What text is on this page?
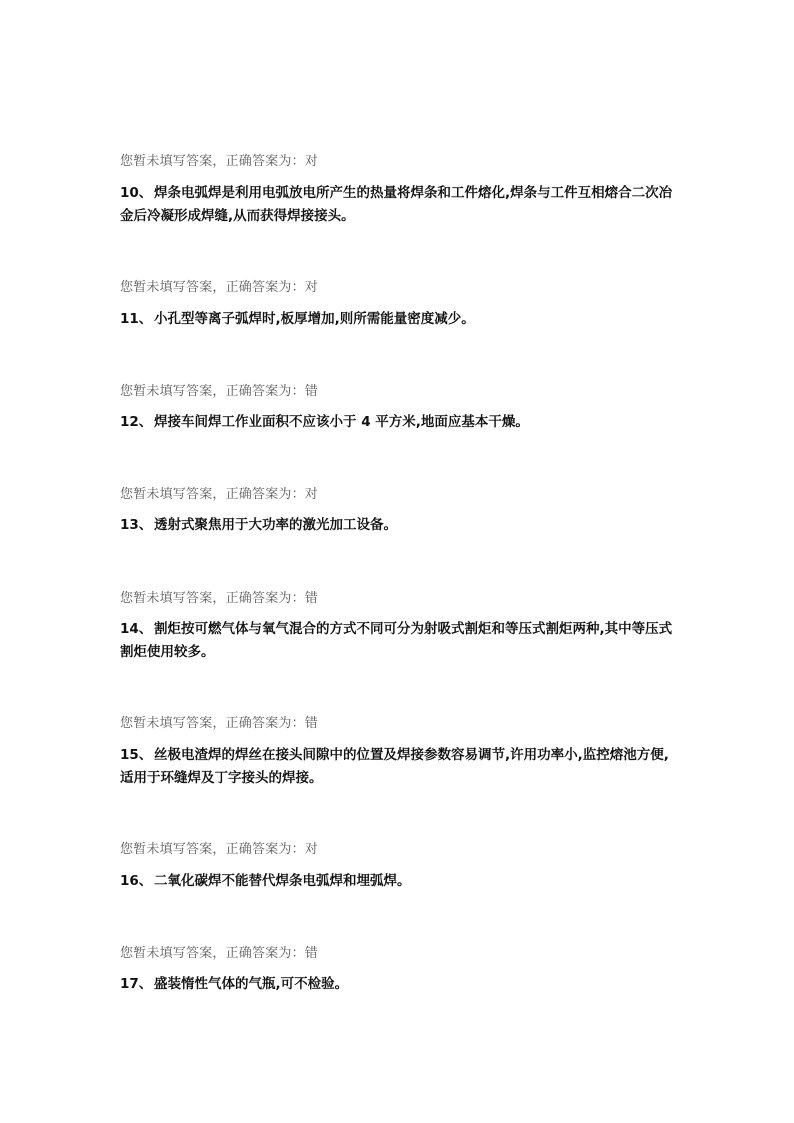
您暂未填写答案，正确答案为：对
10、 焊条电弧焊是利用电弧放电所产生的热量将焊条和工件熔化,焊条与工件互相熔合二次冶金后冷凝形成焊缝,从而获得焊接接头。
您暂未填写答案，正确答案为：对
11、 小孔型等离子弧焊时,板厚增加,则所需能量密度减少。
您暂未填写答案，正确答案为：错
12、 焊接车间焊工作业面积不应该小于 4 平方米,地面应基本干燥。
您暂未填写答案，正确答案为：对
13、 透射式聚焦用于大功率的激光加工设备。
您暂未填写答案，正确答案为：错
14、 割炬按可燃气体与氧气混合的方式不同可分为射吸式割炬和等压式割炬两种,其中等压式割炬使用较多。
您暂未填写答案，正确答案为：错
15、 丝极电渣焊的焊丝在接头间隙中的位置及焊接参数容易调节,许用功率小,监控熔池方便,适用于环缝焊及丁字接头的焊接。
您暂未填写答案，正确答案为：对
16、 二氧化碳焊不能替代焊条电弧焊和埋弧焊。
您暂未填写答案，正确答案为：错
17、 盛装惰性气体的气瓶,可不检验。
